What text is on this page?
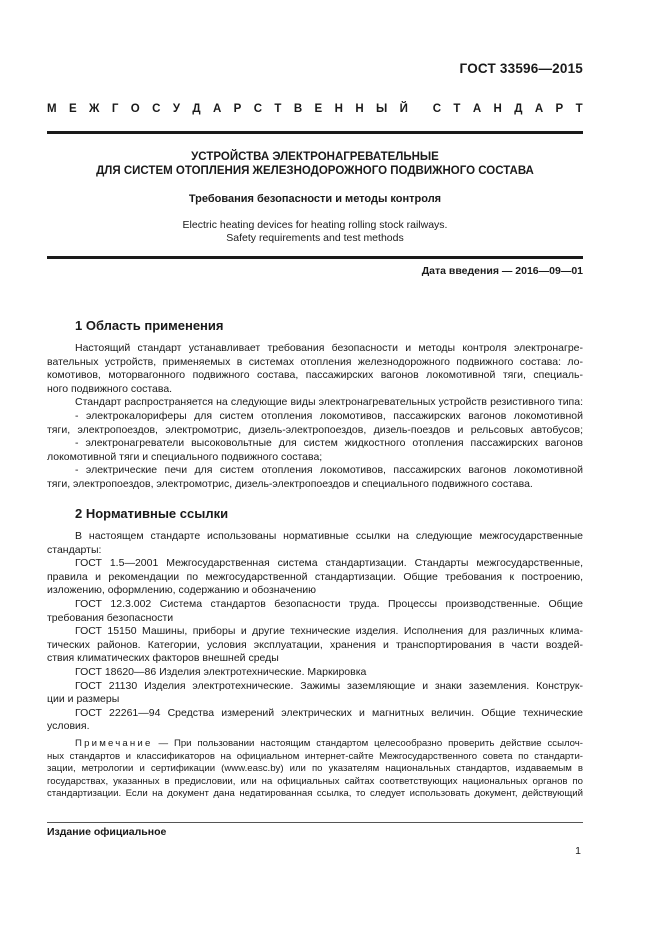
ГОСТ 33596—2015
М Е Ж Г О С У Д А Р С Т В Е Н Н Ы Й С Т А Н Д А Р Т
УСТРОЙСТВА ЭЛЕКТРОНАГРЕВАТЕЛЬНЫЕ
ДЛЯ СИСТЕМ ОТОПЛЕНИЯ ЖЕЛЕЗНОДОРОЖНОГО ПОДВИЖНОГО СОСТАВА
Требования безопасности и методы контроля
Electric heating devices for heating rolling stock railways.
Safety requirements and test methods
Дата введения — 2016—09—01
1 Область применения
Настоящий стандарт устанавливает требования безопасности и методы контроля электронагре-
вательных устройств, применяемых в системах отопления железнодорожного подвижного состава: ло-
комотивов, моторвагонного подвижного состава, пассажирских вагонов локомотивной тяги, специаль-
ного подвижного состава.
Стандарт распространяется на следующие виды электронагревательных устройств резистивного типа:
- электрокалориферы для систем отопления локомотивов, пассажирских вагонов локомотивной
тяги, электропоездов, электромотрис, дизель-электропоездов, дизель-поездов и рельсовых автобусов;
- электронагреватели высоковольтные для систем жидкостного отопления пассажирских вагонов
локомотивной тяги и специального подвижного состава;
- электрические печи для систем отопления локомотивов, пассажирских вагонов локомотивной
тяги, электропоездов, электромотрис, дизель-электропоездов и специального подвижного состава.
2 Нормативные ссылки
В настоящем стандарте использованы нормативные ссылки на следующие межгосударственные
стандарты:
ГОСТ 1.5—2001 Межгосударственная система стандартизации. Стандарты межгосударственные,
правила и рекомендации по межгосударственной стандартизации. Общие требования к построению,
изложению, оформлению, содержанию и обозначению
ГОСТ 12.3.002 Система стандартов безопасности труда. Процессы производственные. Общие
требования безопасности
ГОСТ 15150 Машины, приборы и другие технические изделия. Исполнения для различных клима-
тических районов. Категории, условия эксплуатации, хранения и транспортирования в части воздей-
ствия климатических факторов внешней среды
ГОСТ 18620—86 Изделия электротехнические. Маркировка
ГОСТ 21130 Изделия электротехнические. Зажимы заземляющие и знаки заземления. Конструк-
ции и размеры
ГОСТ 22261—94 Средства измерений электрических и магнитных величин. Общие технические
условия.
Примечание — При пользовании настоящим стандартом целесообразно проверить действие ссылоч-
ных стандартов и классификаторов на официальном интернет-сайте Межгосударственного совета по стандарти-
зации, метрологии и сертификации (www.easc.by) или по указателям национальных стандартов, издаваемым в
государствах, указанных в предисловии, или на официальных сайтах соответствующих национальных органов по
стандартизации. Если на документ дана недатированная ссылка, то следует использовать документ, действующий
Издание официальное
1
